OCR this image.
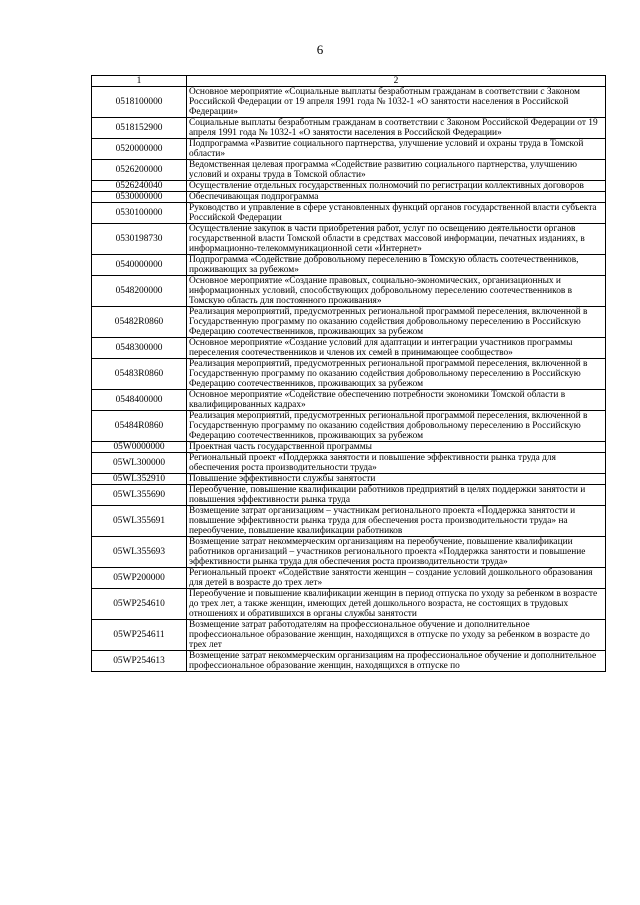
6
1	2
0518100000	Основное мероприятие «Социальные выплаты безработным гражданам в соответствии с Законом Российской Федерации от 19 апреля 1991 года № 1032-1 «О занятости населения в Российской Федерации»
0518152900	Социальные выплаты безработным гражданам в соответствии с Законом Российской Федерации от 19 апреля 1991 года № 1032-1 «О занятости населения в Российской Федерации»
0520000000	Подпрограмма «Развитие социального партнерства, улучшение условий и охраны труда в Томской области»
0526200000	Ведомственная целевая программа «Содействие развитию социального партнерства, улучшению условий и охраны труда в Томской области»
0526240040	Осуществление отдельных государственных полномочий по регистрации коллективных договоров
0530000000	Обеспечивающая подпрограмма
0530100000	Руководство и управление в сфере установленных функций органов государственной власти субъекта Российской Федерации
0530198730	Осуществление закупок в части приобретения работ, услуг по освещению деятельности органов государственной власти Томской области в средствах массовой информации, печатных изданиях, в информационно-телекоммуникационной сети «Интернет»
0540000000	Подпрограмма «Содействие добровольному переселению в Томскую область соотечественников, проживающих за рубежом»
0548200000	Основное мероприятие «Создание правовых, социально-экономических, организационных и информационных условий, способствующих добровольному переселению соотечественников в Томскую область для постоянного проживания»
05482R0860	Реализация мероприятий, предусмотренных региональной программой переселения, включенной в Государственную программу по оказанию содействия добровольному переселению в Российскую Федерацию соотечественников, проживающих за рубежом
0548300000	Основное мероприятие «Создание условий для адаптации и интеграции участников программы переселения соотечественников и членов их семей в принимающее сообщество»
05483R0860	Реализация мероприятий, предусмотренных региональной программой переселения, включенной в Государственную программу по оказанию содействия добровольному переселению в Российскую Федерацию соотечественников, проживающих за рубежом
0548400000	Основное мероприятие «Содействие обеспечению потребности экономики Томской области в квалифицированных кадрах»
05484R0860	Реализация мероприятий, предусмотренных региональной программой переселения, включенной в Государственную программу по оказанию содействия добровольному переселению в Российскую Федерацию соотечественников, проживающих за рубежом
05W0000000	Проектная часть государственной программы
05WL300000	Региональный проект «Поддержка занятости и повышение эффективности рынка труда для обеспечения роста производительности труда»
05WL352910	Повышение эффективности службы занятости
05WL355690	Переобучение, повышение квалификации работников предприятий в целях поддержки занятости и повышения эффективности рынка труда
05WL355691	Возмещение затрат организациям – участникам регионального проекта «Поддержка занятости и повышение эффективности рынка труда для обеспечения роста производительности труда» на переобучение, повышение квалификации работников
05WL355693	Возмещение затрат некоммерческим организациям на переобучение, повышение квалификации работников организаций – участников регионального проекта «Поддержка занятости и повышение эффективности рынка труда для обеспечения роста производительности труда»
05WP200000	Региональный проект «Содействие занятости женщин – создание условий дошкольного образования для детей в возрасте до трех лет»
05WP254610	Переобучение и повышение квалификации женщин в период отпуска по уходу за ребенком в возрасте до трех лет, а также женщин, имеющих детей дошкольного возраста, не состоящих в трудовых отношениях и обратившихся в органы службы занятости
05WP254611	Возмещение затрат работодателям на профессиональное обучение и дополнительное профессиональное образование женщин, находящихся в отпуске по уходу за ребенком в возрасте до трех лет
05WP254613	Возмещение затрат некоммерческим организациям на профессиональное обучение и дополнительное профессиональное образование женщин, находящихся в отпуске по
